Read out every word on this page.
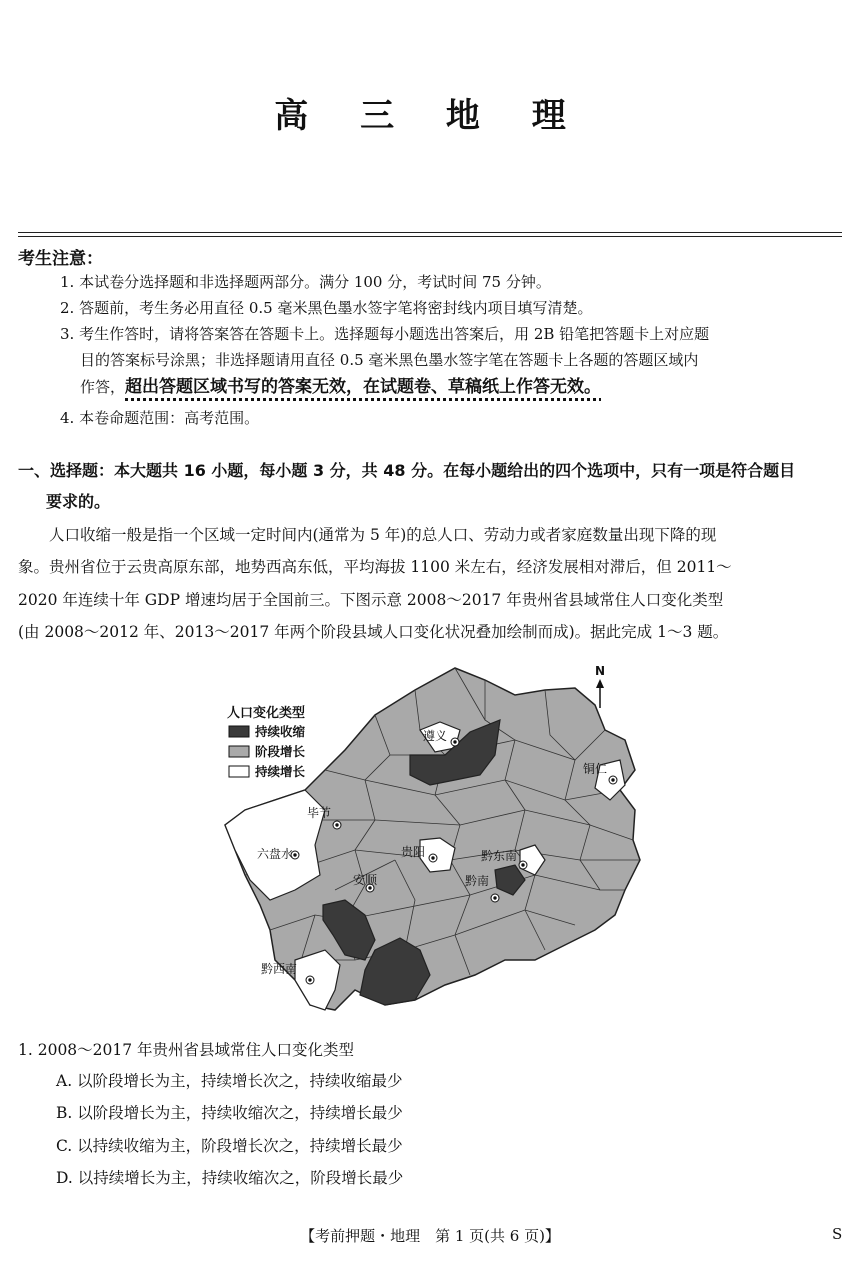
高 三 地 理
考生注意：
1. 本试卷分选择题和非选择题两部分。满分 100 分，考试时间 75 分钟。
2. 答题前，考生务必用直径 0.5 毫米黑色墨水签字笔将密封线内项目填写清楚。
3. 考生作答时，请将答案答在答题卡上。选择题每小题选出答案后，用 2B 铅笔把答题卡上对应题
目的答案标号涂黑；非选择题请用直径 0.5 毫米黑色墨水签字笔在答题卡上各题的答题区域内
作答，超出答题区域书写的答案无效，在试题卷、草稿纸上作答无效。
4. 本卷命题范围：高考范围。
一、选择题：本大题共 16 小题，每小题 3 分，共 48 分。在每小题给出的四个选项中，只有一项是符合题目
要求的。
　　人口收缩一般是指一个区域一定时间内(通常为 5 年)的总人口、劳动力或者家庭数量出现下降的现
象。贵州省位于云贵高原东部，地势西高东低，平均海拔 1100 米左右，经济发展相对滞后，但 2011～
2020 年连续十年 GDP 增速均居于全国前三。下图示意 2008～2017 年贵州省县域常住人口变化类型
(由 2008～2012 年、2013～2017 年两个阶段县域人口变化状况叠加绘制而成)。据此完成 1～3 题。
遵义
铜仁
毕节
六盘水	贵阳	黔东南
安顺	黔南
黔西南
人口变化类型
持续收缩
阶段增长
持续增长
N
1. 2008～2017 年贵州省县域常住人口变化类型
A. 以阶段增长为主，持续增长次之，持续收缩最少
B. 以阶段增长为主，持续收缩次之，持续增长最少
C. 以持续收缩为主，阶段增长次之，持续增长最少
D. 以持续增长为主，持续收缩次之，阶段增长最少
【考前押题・地理　第 1 页(共 6 页)】	S
